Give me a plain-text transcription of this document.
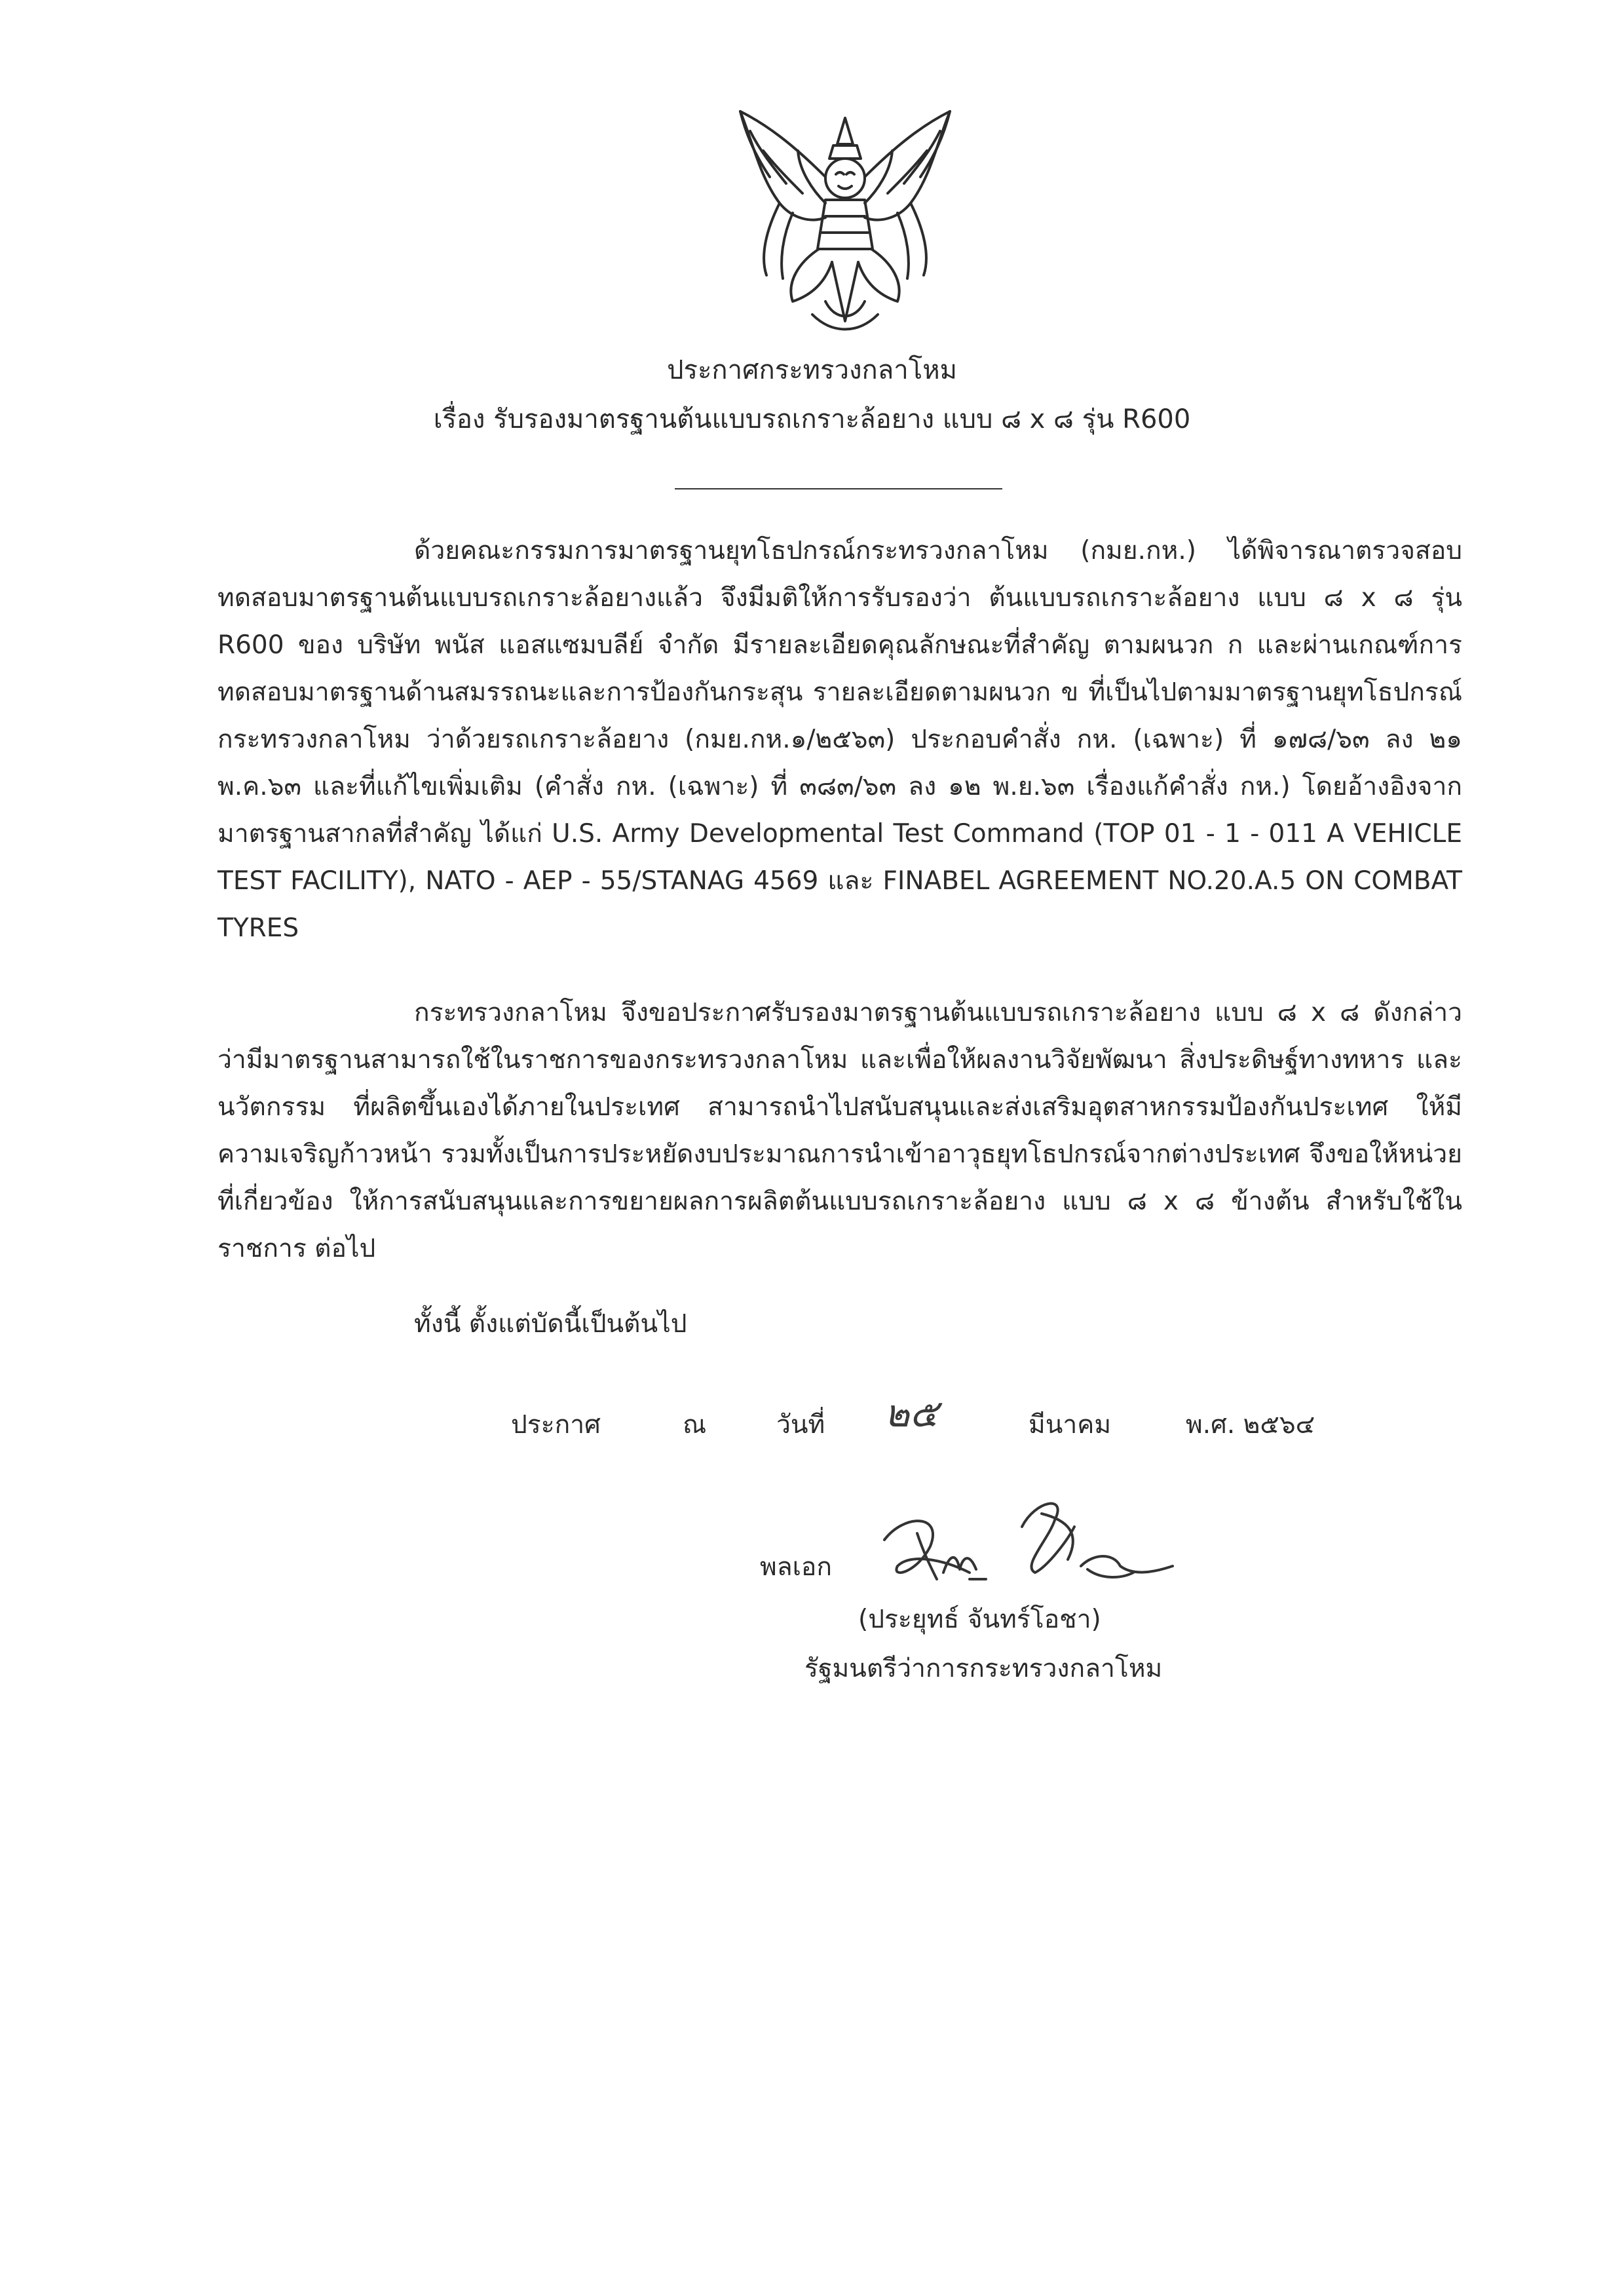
ประกาศกระทรวงกลาโหม
เรื่อง รับรองมาตรฐานต้นแบบรถเกราะล้อยาง แบบ ๘ x ๘ รุ่น R600

ด้วยคณะกรรมการมาตรฐานยุทโธปกรณ์กระทรวงกลาโหม (กมย.กห.) ได้พิจารณาตรวจสอบทดสอบมาตรฐานต้นแบบรถเกราะล้อยางแล้ว จึงมีมติให้การรับรองว่า ต้นแบบรถเกราะล้อยาง แบบ ๘ x ๘ รุ่น R600 ของ บริษัท พนัส แอสแซมบลีย์ จำกัด มีรายละเอียดคุณลักษณะที่สำคัญ ตามผนวก ก และผ่านเกณฑ์การทดสอบมาตรฐานด้านสมรรถนะและการป้องกันกระสุน รายละเอียดตามผนวก ข ที่เป็นไปตามมาตรฐานยุทโธปกรณ์ กระทรวงกลาโหม ว่าด้วยรถเกราะล้อยาง (กมย.กห.๑/๒๕๖๓) ประกอบคำสั่ง กห. (เฉพาะ) ที่ ๑๗๘/๖๓ ลง ๒๑ พ.ค.๖๓ และที่แก้ไขเพิ่มเติม (คำสั่ง กห. (เฉพาะ) ที่ ๓๘๓/๖๓ ลง ๑๒ พ.ย.๖๓ เรื่องแก้คำสั่ง กห.) โดยอ้างอิงจากมาตรฐานสากลที่สำคัญ ได้แก่ U.S. Army Developmental Test Command (TOP 01 - 1 - 011 A VEHICLE TEST FACILITY), NATO - AEP - 55/STANAG 4569 และ FINABEL AGREEMENT NO.20.A.5 ON COMBAT TYRES

กระทรวงกลาโหม จึงขอประกาศรับรองมาตรฐานต้นแบบรถเกราะล้อยาง แบบ ๘ x ๘ ดังกล่าว ว่ามีมาตรฐานสามารถใช้ในราชการของกระทรวงกลาโหม และเพื่อให้ผลงานวิจัยพัฒนา สิ่งประดิษฐ์ทางทหาร และนวัตกรรม ที่ผลิตขึ้นเองได้ภายในประเทศ สามารถนำไปสนับสนุนและส่งเสริมอุตสาหกรรมป้องกันประเทศ ให้มีความเจริญก้าวหน้า รวมทั้งเป็นการประหยัดงบประมาณการนำเข้าอาวุธยุทโธปกรณ์จากต่างประเทศ จึงขอให้หน่วยที่เกี่ยวข้อง ให้การสนับสนุนและการขยายผลการผลิตต้นแบบรถเกราะล้อยาง แบบ ๘ x ๘ ข้างต้น สำหรับใช้ในราชการ ต่อไป

ทั้งนี้ ตั้งแต่บัดนี้เป็นต้นไป

ประกาศ	ณ	วันที่ ๒๕	มีนาคม	พ.ศ. ๒๕๖๔
พลเอก
(ประยุทธ์ จันทร์โอชา)
รัฐมนตรีว่าการกระทรวงกลาโหม
